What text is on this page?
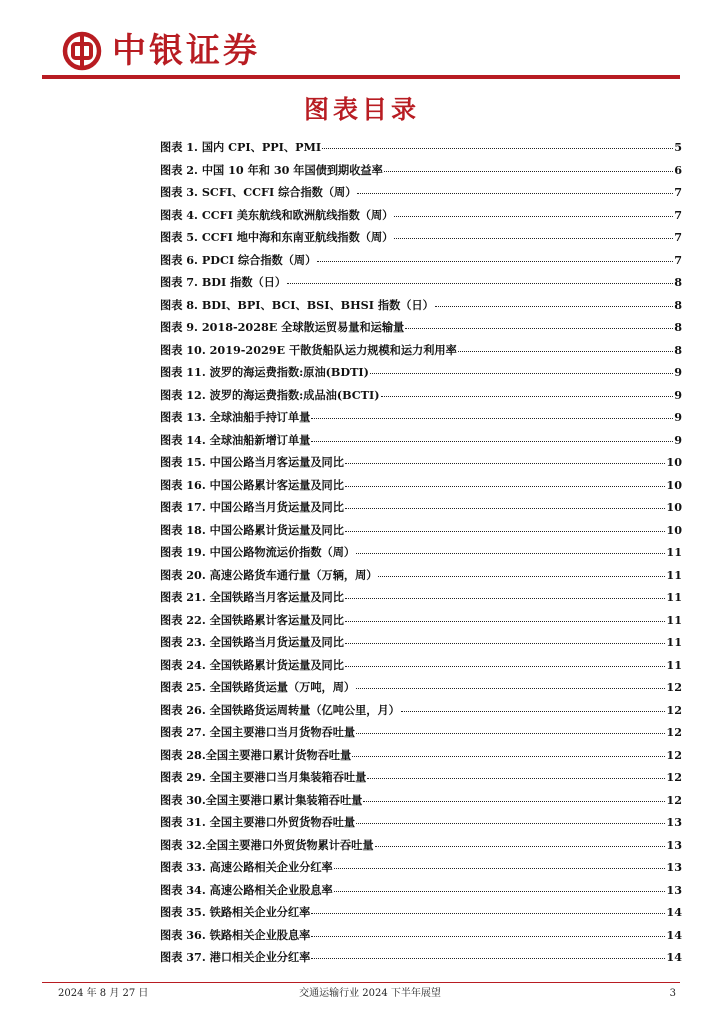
中银证券
图表目录
图表 1. 国内 CPI、PPI、PMI	5
图表 2. 中国 10 年和 30 年国债到期收益率	6
图表 3. SCFI、CCFI 综合指数（周）	7
图表 4. CCFI 美东航线和欧洲航线指数（周）	7
图表 5. CCFI 地中海和东南亚航线指数（周）	7
图表 6. PDCI 综合指数（周）	7
图表 7. BDI 指数（日）	8
图表 8. BDI、BPI、BCI、BSI、BHSI 指数（日）	8
图表 9. 2018-2028E 全球散运贸易量和运输量	8
图表 10. 2019-2029E 干散货船队运力规模和运力利用率	8
图表 11. 波罗的海运费指数:原油(BDTI)	9
图表 12. 波罗的海运费指数:成品油(BCTI)	9
图表 13. 全球油船手持订单量	9
图表 14. 全球油船新增订单量	9
图表 15. 中国公路当月客运量及同比	10
图表 16. 中国公路累计客运量及同比	10
图表 17. 中国公路当月货运量及同比	10
图表 18. 中国公路累计货运量及同比	10
图表 19. 中国公路物流运价指数（周）	11
图表 20. 高速公路货车通行量（万辆，周）	11
图表 21. 全国铁路当月客运量及同比	11
图表 22. 全国铁路累计客运量及同比	11
图表 23. 全国铁路当月货运量及同比	11
图表 24. 全国铁路累计货运量及同比	11
图表 25. 全国铁路货运量（万吨，周）	12
图表 26. 全国铁路货运周转量（亿吨公里，月）	12
图表 27. 全国主要港口当月货物吞吐量	12
图表 28.全国主要港口累计货物吞吐量	12
图表 29. 全国主要港口当月集装箱吞吐量	12
图表 30.全国主要港口累计集装箱吞吐量	12
图表 31. 全国主要港口外贸货物吞吐量	13
图表 32.全国主要港口外贸货物累计吞吐量	13
图表 33. 高速公路相关企业分红率	13
图表 34. 高速公路相关企业股息率	13
图表 35. 铁路相关企业分红率	14
图表 36. 铁路相关企业股息率	14
图表 37. 港口相关企业分红率	14
2024 年 8 月 27 日	交通运输行业 2024 下半年展望	3
